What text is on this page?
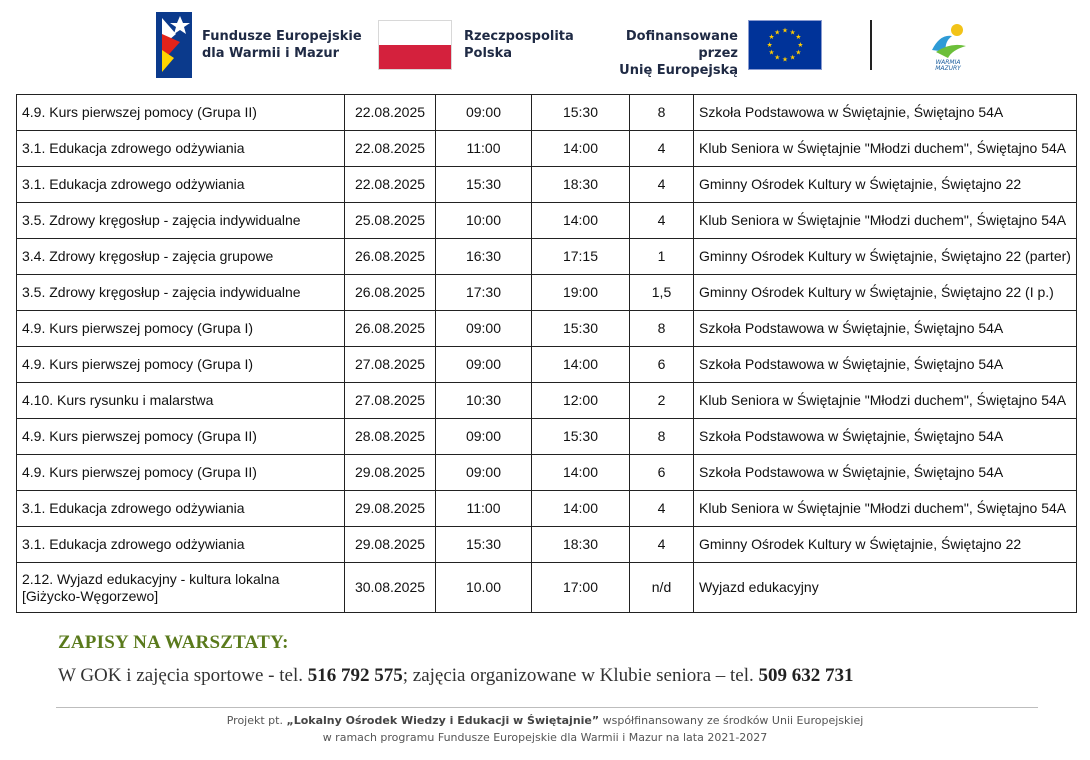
Fundusze Europejskie
dla Warmii i Mazur
Rzeczpospolita
Polska
Dofinansowane przez
Unię Europejską
★ ★
★
★
★
★
★
★
★
★
★
★
WARMIA
MAZURY
4.9. Kurs pierwszej pomocy (Grupa II)	22.08.2025	09:00	15:30	8	Szkoła Podstawowa w Świętajnie, Świętajno 54A
3.1. Edukacja zdrowego odżywiania	22.08.2025	11:00	14:00	4	Klub Seniora w Świętajnie "Młodzi duchem", Świętajno 54A
3.1. Edukacja zdrowego odżywiania	22.08.2025	15:30	18:30	4	Gminny Ośrodek Kultury w Świętajnie, Świętajno 22
3.5. Zdrowy kręgosłup - zajęcia indywidualne	25.08.2025	10:00	14:00	4	Klub Seniora w Świętajnie "Młodzi duchem", Świętajno 54A
3.4. Zdrowy kręgosłup - zajęcia grupowe	26.08.2025	16:30	17:15	1	Gminny Ośrodek Kultury w Świętajnie, Świętajno 22 (parter)
3.5. Zdrowy kręgosłup - zajęcia indywidualne	26.08.2025	17:30	19:00	1,5	Gminny Ośrodek Kultury w Świętajnie, Świętajno 22 (I p.)
4.9. Kurs pierwszej pomocy (Grupa I)	26.08.2025	09:00	15:30	8	Szkoła Podstawowa w Świętajnie, Świętajno 54A
4.9. Kurs pierwszej pomocy (Grupa I)	27.08.2025	09:00	14:00	6	Szkoła Podstawowa w Świętajnie, Świętajno 54A
4.10. Kurs rysunku i malarstwa	27.08.2025	10:30	12:00	2	Klub Seniora w Świętajnie "Młodzi duchem", Świętajno 54A
4.9. Kurs pierwszej pomocy (Grupa II)	28.08.2025	09:00	15:30	8	Szkoła Podstawowa w Świętajnie, Świętajno 54A
4.9. Kurs pierwszej pomocy (Grupa II)	29.08.2025	09:00	14:00	6	Szkoła Podstawowa w Świętajnie, Świętajno 54A
3.1. Edukacja zdrowego odżywiania	29.08.2025	11:00	14:00	4	Klub Seniora w Świętajnie "Młodzi duchem", Świętajno 54A
3.1. Edukacja zdrowego odżywiania	29.08.2025	15:30	18:30	4	Gminny Ośrodek Kultury w Świętajnie, Świętajno 22

2.12. Wyjazd edukacyjny - kultura lokalna
[Giżycko-Węgorzewo]	30.08.2025	10.00	17:00	n/d	Wyjazd edukacyjny
ZAPISY NA WARSZTATY:
W GOK i zajęcia sportowe - tel. 516 792 575; zajęcia organizowane w Klubie seniora – tel. 509 632 731
Projekt pt. „Lokalny Ośrodek Wiedzy i Edukacji w Świętajnie” współfinansowany ze środków Unii Europejskiej
w ramach programu Fundusze Europejskie dla Warmii i Mazur na lata 2021-2027
